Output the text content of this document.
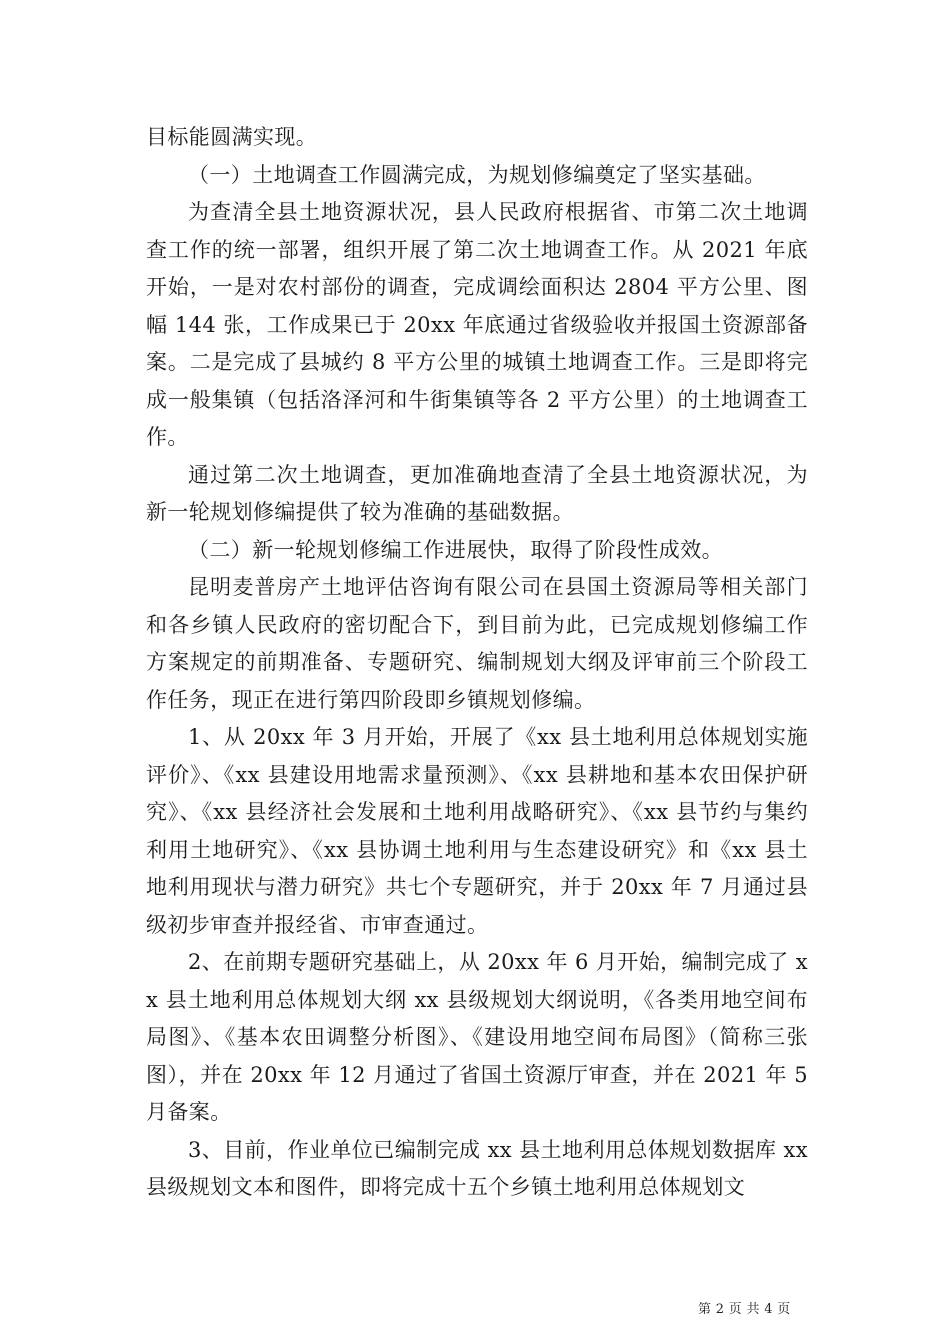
目标能圆满实现。

（一）土地调查工作圆满完成，为规划修编奠定了坚实基础。

为查清全县土地资源状况，县人民政府根据省、市第二次土地调查工作的统一部署，组织开展了第二次土地调查工作。从 2021 年底开始，一是对农村部份的调查，完成调绘面积达 2804 平方公里、图幅 144 张，工作成果已于 20xx 年底通过省级验收并报国土资源部备案。二是完成了县城约 8 平方公里的城镇土地调查工作。三是即将完成一般集镇（包括洛泽河和牛街集镇等各 2 平方公里）的土地调查工作。

通过第二次土地调查，更加准确地查清了全县土地资源状况，为新一轮规划修编提供了较为准确的基础数据。

（二）新一轮规划修编工作进展快，取得了阶段性成效。

昆明麦普房产土地评估咨询有限公司在县国土资源局等相关部门和各乡镇人民政府的密切配合下，到目前为此，已完成规划修编工作方案规定的前期准备、专题研究、编制规划大纲及评审前三个阶段工作任务，现正在进行第四阶段即乡镇规划修编。

1、从 20xx 年 3 月开始，开展了《xx 县土地利用总体规划实施评价》、《xx 县建设用地需求量预测》、《xx 县耕地和基本农田保护研究》、《xx 县经济社会发展和土地利用战略研究》、《xx 县节约与集约利用土地研究》、《xx 县协调土地利用与生态建设研究》和《xx 县土地利用现状与潜力研究》共七个专题研究，并于 20xx 年 7 月通过县级初步审查并报经省、市审查通过。

2、在前期专题研究基础上，从 20xx 年 6 月开始，编制完成了 xx 县土地利用总体规划大纲 xx 县级规划大纲说明，《各类用地空间布局图》、《基本农田调整分析图》、《建设用地空间布局图》（简称三张图），并在 20xx 年 12 月通过了省国土资源厅审查，并在 2021 年 5 月备案。

3、目前，作业单位已编制完成 xx 县土地利用总体规划数据库 xx 县级规划文本和图件，即将完成十五个乡镇土地利用总体规划文

第 2 页 共 4 页
